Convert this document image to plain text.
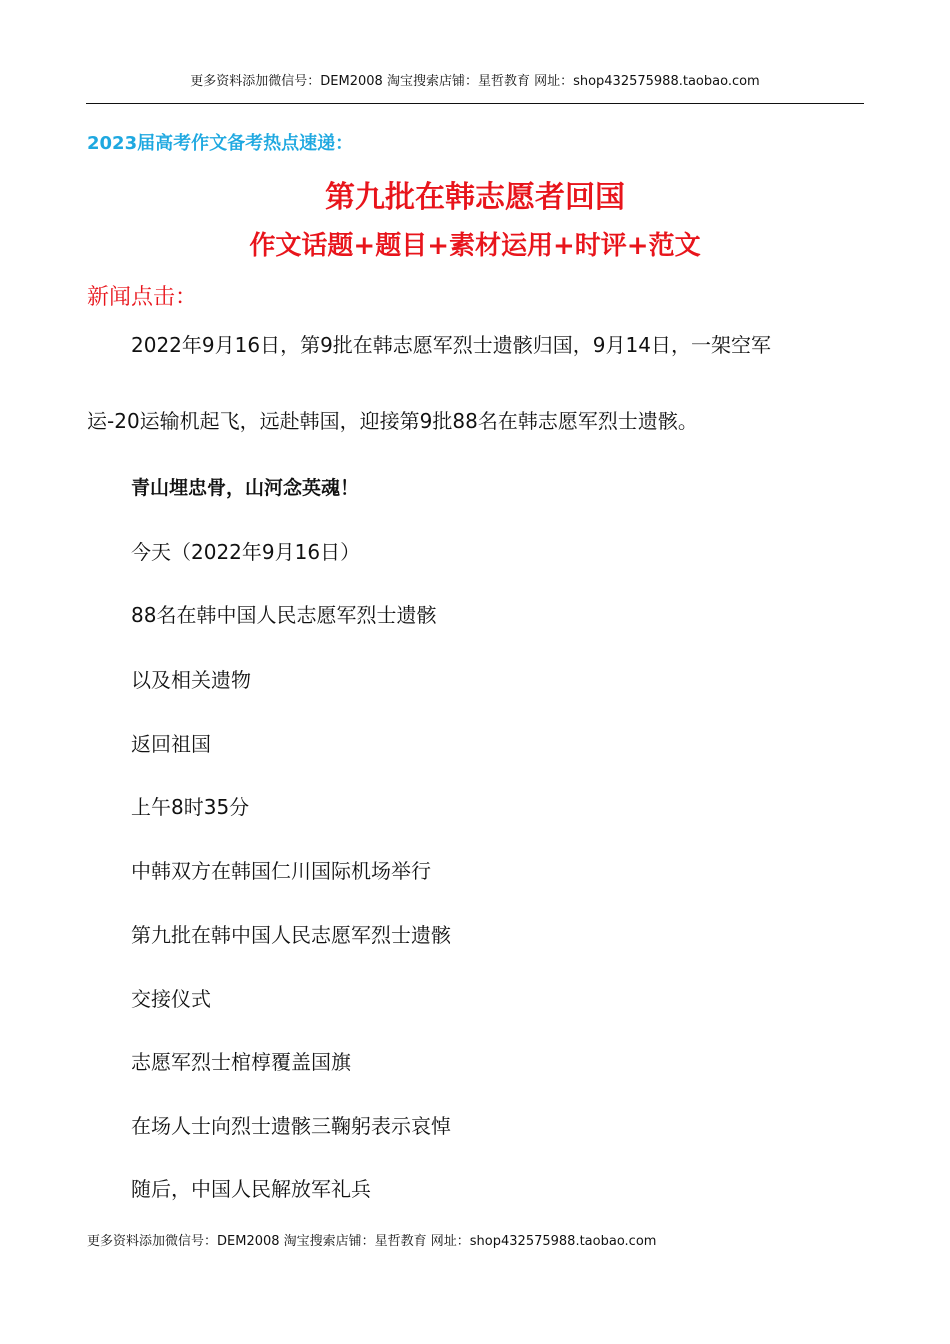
更多资料添加微信号：DEM2008 淘宝搜索店铺：星哲教育 网址：shop432575988.taobao.com
2023届高考作文备考热点速递：
第九批在韩志愿者回国
作文话题+题目+素材运用+时评+范文
新闻点击：
2022年9月16日，第9批在韩志愿军烈士遗骸归国，9月14日，一架空军
运-20运输机起飞，远赴韩国，迎接第9批88名在韩志愿军烈士遗骸。
青山埋忠骨，山河念英魂！
今天（2022年9月16日）
88名在韩中国人民志愿军烈士遗骸
以及相关遗物
返回祖国
上午8时35分
中韩双方在韩国仁川国际机场举行
第九批在韩中国人民志愿军烈士遗骸
交接仪式
志愿军烈士棺椁覆盖国旗
在场人士向烈士遗骸三鞠躬表示哀悼
随后，中国人民解放军礼兵
更多资料添加微信号：DEM2008 淘宝搜索店铺：星哲教育 网址：shop432575988.taobao.com
